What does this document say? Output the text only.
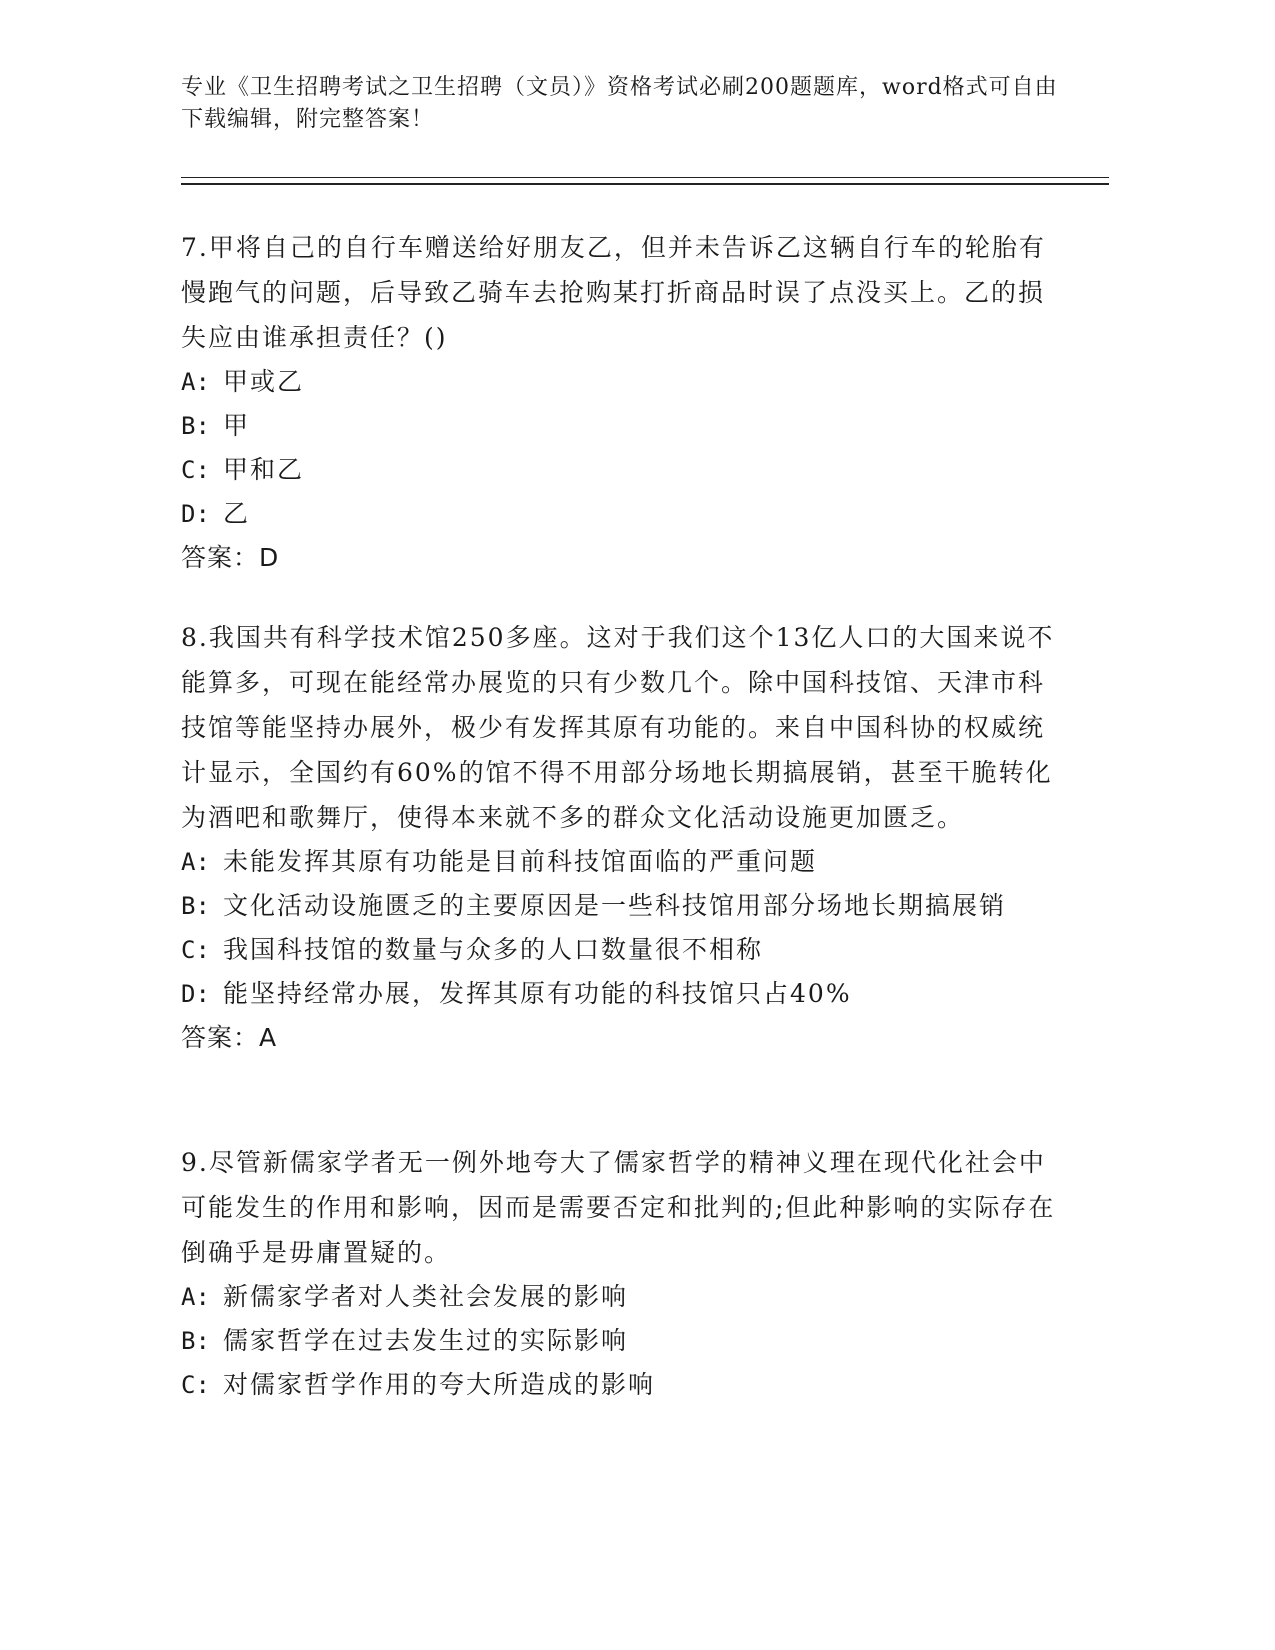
专业《卫生招聘考试之卫生招聘（文员）》资格考试必刷200题题库，word格式可自由下载编辑，附完整答案！
7.甲将自己的自行车赠送给好朋友乙，但并未告诉乙这辆自行车的轮胎有慢跑气的问题，后导致乙骑车去抢购某打折商品时误了点没买上。乙的损失应由谁承担责任？()
A: 甲或乙
B: 甲
C: 甲和乙
D: 乙
答案：D
8.我国共有科学技术馆250多座。这对于我们这个13亿人口的大国来说不能算多，可现在能经常办展览的只有少数几个。除中国科技馆、天津市科技馆等能坚持办展外，极少有发挥其原有功能的。来自中国科协的权威统计显示，全国约有60%的馆不得不用部分场地长期搞展销，甚至干脆转化为酒吧和歌舞厅，使得本来就不多的群众文化活动设施更加匮乏。
A: 未能发挥其原有功能是目前科技馆面临的严重问题
B: 文化活动设施匮乏的主要原因是一些科技馆用部分场地长期搞展销
C: 我国科技馆的数量与众多的人口数量很不相称
D: 能坚持经常办展，发挥其原有功能的科技馆只占40%
答案：A
9.尽管新儒家学者无一例外地夸大了儒家哲学的精神义理在现代化社会中可能发生的作用和影响，因而是需要否定和批判的;但此种影响的实际存在倒确乎是毋庸置疑的。
A: 新儒家学者对人类社会发展的影响
B: 儒家哲学在过去发生过的实际影响
C: 对儒家哲学作用的夸大所造成的影响
